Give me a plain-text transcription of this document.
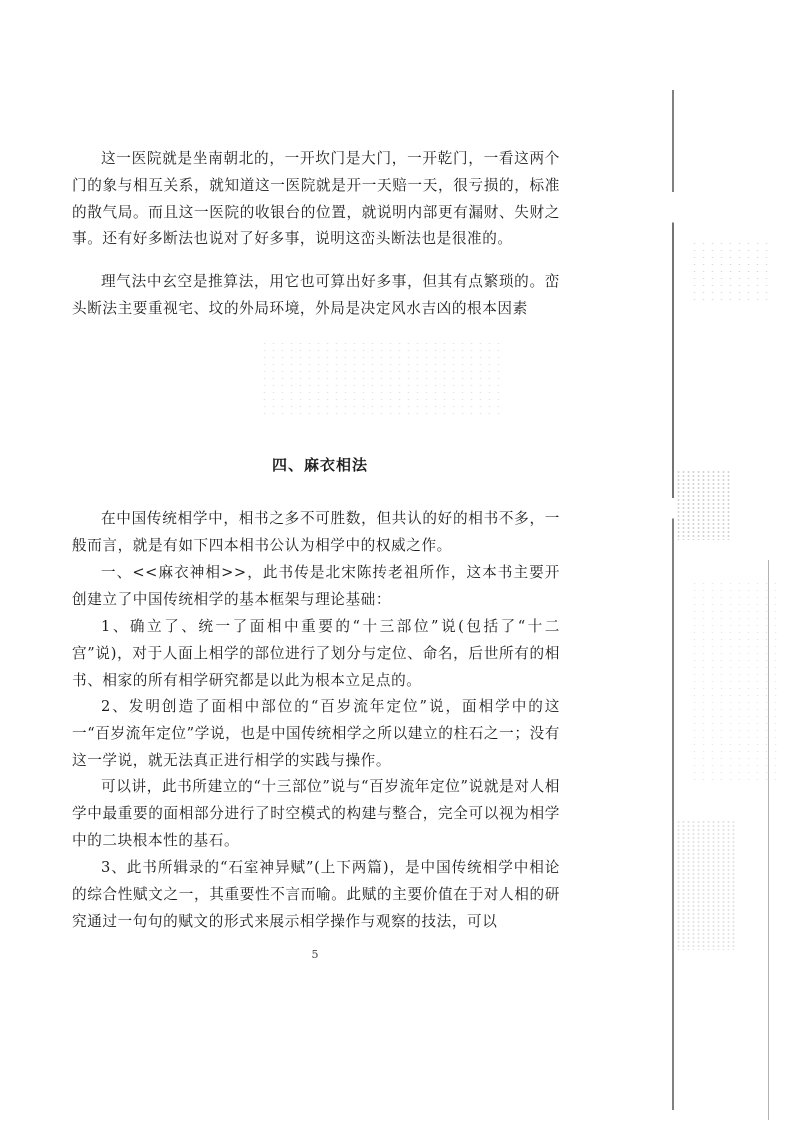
这一医院就是坐南朝北的，一开坎门是大门，一开乾门，一看这两个门的象与相互关系，就知道这一医院就是开一天赔一天，很亏损的，标准的散气局。而且这一医院的收银台的位置，就说明内部更有漏财、失财之事。还有好多断法也说对了好多事，说明这峦头断法也是很准的。

理气法中玄空是推算法，用它也可算出好多事，但其有点繁琐的。峦头断法主要重视宅、坟的外局环境，外局是决定风水吉凶的根本因素

四、麻衣相法

在中国传统相学中，相书之多不可胜数，但共认的好的相书不多，一般而言，就是有如下四本相书公认为相学中的权威之作。

一、<<麻衣神相>>，此书传是北宋陈抟老祖所作，这本书主要开创建立了中国传统相学的基本框架与理论基础：

1、确立了、统一了面相中重要的“十三部位”说(包括了“十二宫”说)，对于人面上相学的部位进行了划分与定位、命名，后世所有的相书、相家的所有相学研究都是以此为根本立足点的。

2、发明创造了面相中部位的“百岁流年定位”说，面相学中的这一“百岁流年定位”学说，也是中国传统相学之所以建立的柱石之一；没有这一学说，就无法真正进行相学的实践与操作。

可以讲，此书所建立的“十三部位”说与“百岁流年定位”说就是对人相学中最重要的面相部分进行了时空模式的构建与整合，完全可以视为相学中的二块根本性的基石。

3、此书所辑录的“石室神异赋”(上下两篇)，是中国传统相学中相论的综合性赋文之一，其重要性不言而喻。此赋的主要价值在于对人相的研究通过一句句的赋文的形式来展示相学操作与观察的技法，可以

5
